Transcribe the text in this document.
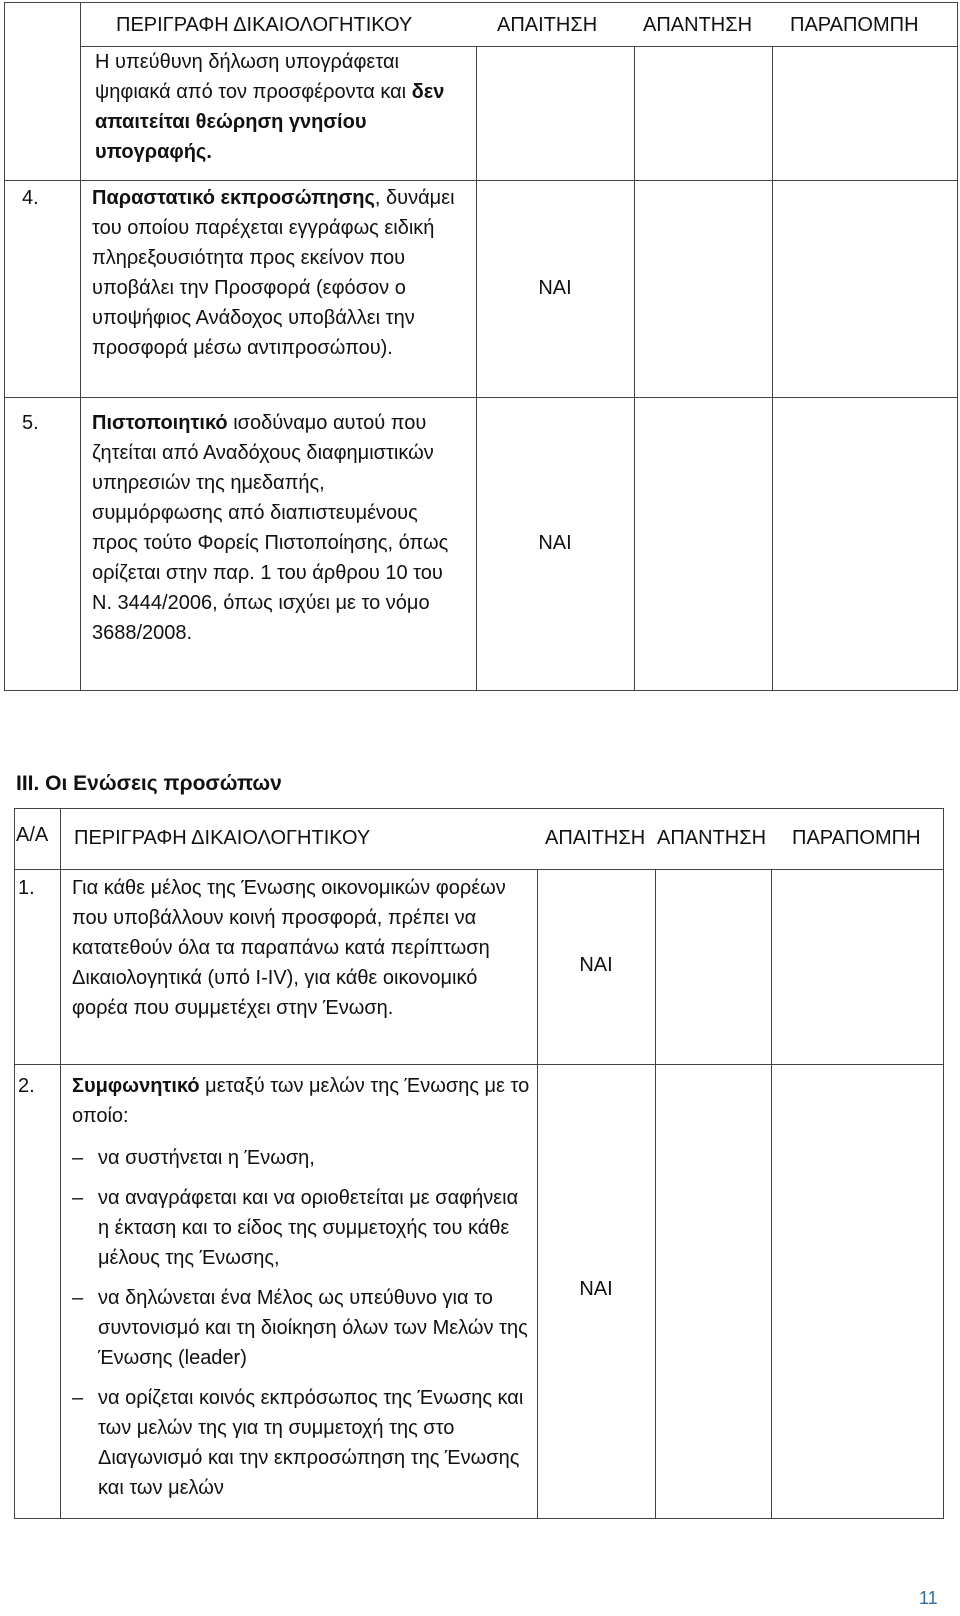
ΠΕΡΙΓΡΑΦΗ ΔΙΚΑΙΟΛΟΓΗΤΙΚΟΥ	ΑΠΑΙΤΗΣΗ ΑΠΑΝΤΗΣΗ ΠΑΡΑΠΟΜΠΗ
Η υπεύθυνη δήλωση υπογράφεται ψηφιακά από τον προσφέροντα και δεν απαιτείται θεώρηση γνησίου υπογραφής.
4.	Παραστατικό εκπροσώπησης, δυνάμει του οποίου παρέχεται εγγράφως ειδική πληρεξουσιότητα προς εκείνον που υποβάλει την Προσφορά (εφόσον ο υποψήφιος Ανάδοχος υποβάλλει την προσφορά μέσω αντιπροσώπου).
ΝΑΙ
5.	Πιστοποιητικό ισοδύναμο αυτού που ζητείται από Αναδόχους διαφημιστικών υπηρεσιών της ημεδαπής, συμμόρφωσης από διαπιστευμένους προς τούτο Φορείς Πιστοποίησης, όπως ορίζεται στην παρ. 1 του άρθρου 10 του Ν. 3444/2006, όπως ισχύει με το νόμο 3688/2008.
ΝΑΙ
ΙΙΙ. Οι Ενώσεις προσώπων
Α/Α ΠΕΡΙΓΡΑΦΗ ΔΙΚΑΙΟΛΟΓΗΤΙΚΟΥ	ΑΠΑΙΤΗΣΗ ΑΠΑΝΤΗΣΗ ΠΑΡΑΠΟΜΠΗ
1. Για κάθε μέλος της Ένωσης οικονομικών φορέων που υποβάλλουν κοινή προσφορά, πρέπει να κατατεθούν όλα τα παραπάνω κατά περίπτωση Δικαιολογητικά (υπό Ι-ΙV), για κάθε οικονομικό φορέα που συμμετέχει στην Ένωση.
ΝΑΙ
2. Συμφωνητικό μεταξύ των μελών της Ένωσης με το οποίο:
– να συστήνεται η Ένωση,
– να αναγράφεται και να οριοθετείται με σαφήνεια η έκταση και το είδος της συμμετοχής του κάθε μέλους της Ένωσης,
– να δηλώνεται ένα Μέλος ως υπεύθυνο για το συντονισμό και τη διοίκηση όλων των Μελών της Ένωσης (leader)
– να ορίζεται κοινός εκπρόσωπος της Ένωσης και των μελών της για τη συμμετοχή της στο Διαγωνισμό και την εκπροσώπηση της Ένωσης και των μελών
ΝΑΙ
11
